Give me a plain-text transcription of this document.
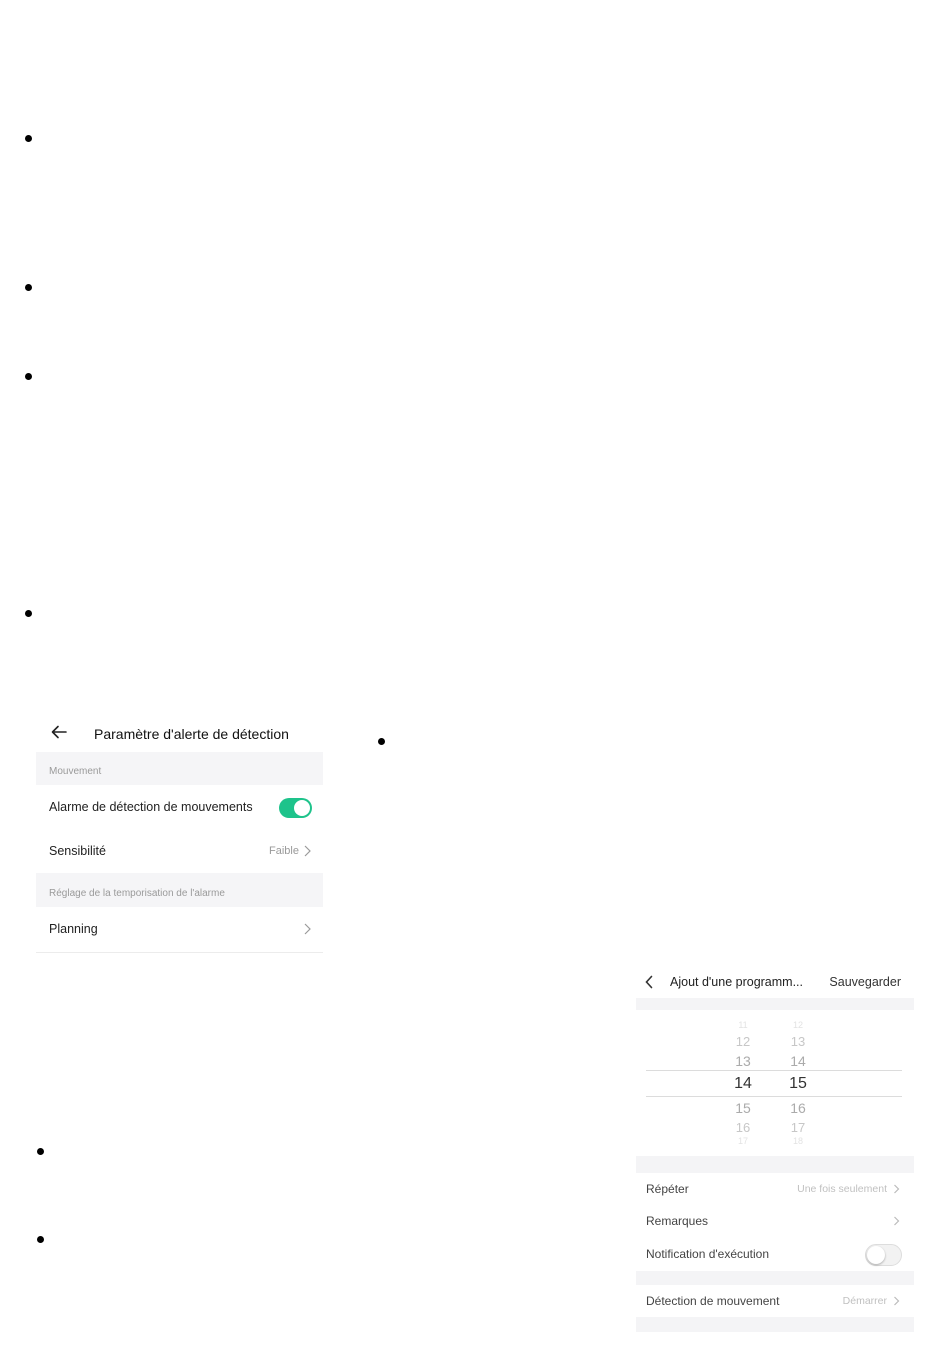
Paramètre d'alerte de détection
Mouvement
Alarme de détection de mouvements
Sensibilité	Faible
Réglage de la temporisation de l'alarme
Planning
Ajout d'une programm... Sauvegarder
11
12
13
14
15
16
17
12
13
14
15
16
17
18
Répéter	Une fois seulement
Remarques
Notification d'exécution
Détection de mouvement	Démarrer
